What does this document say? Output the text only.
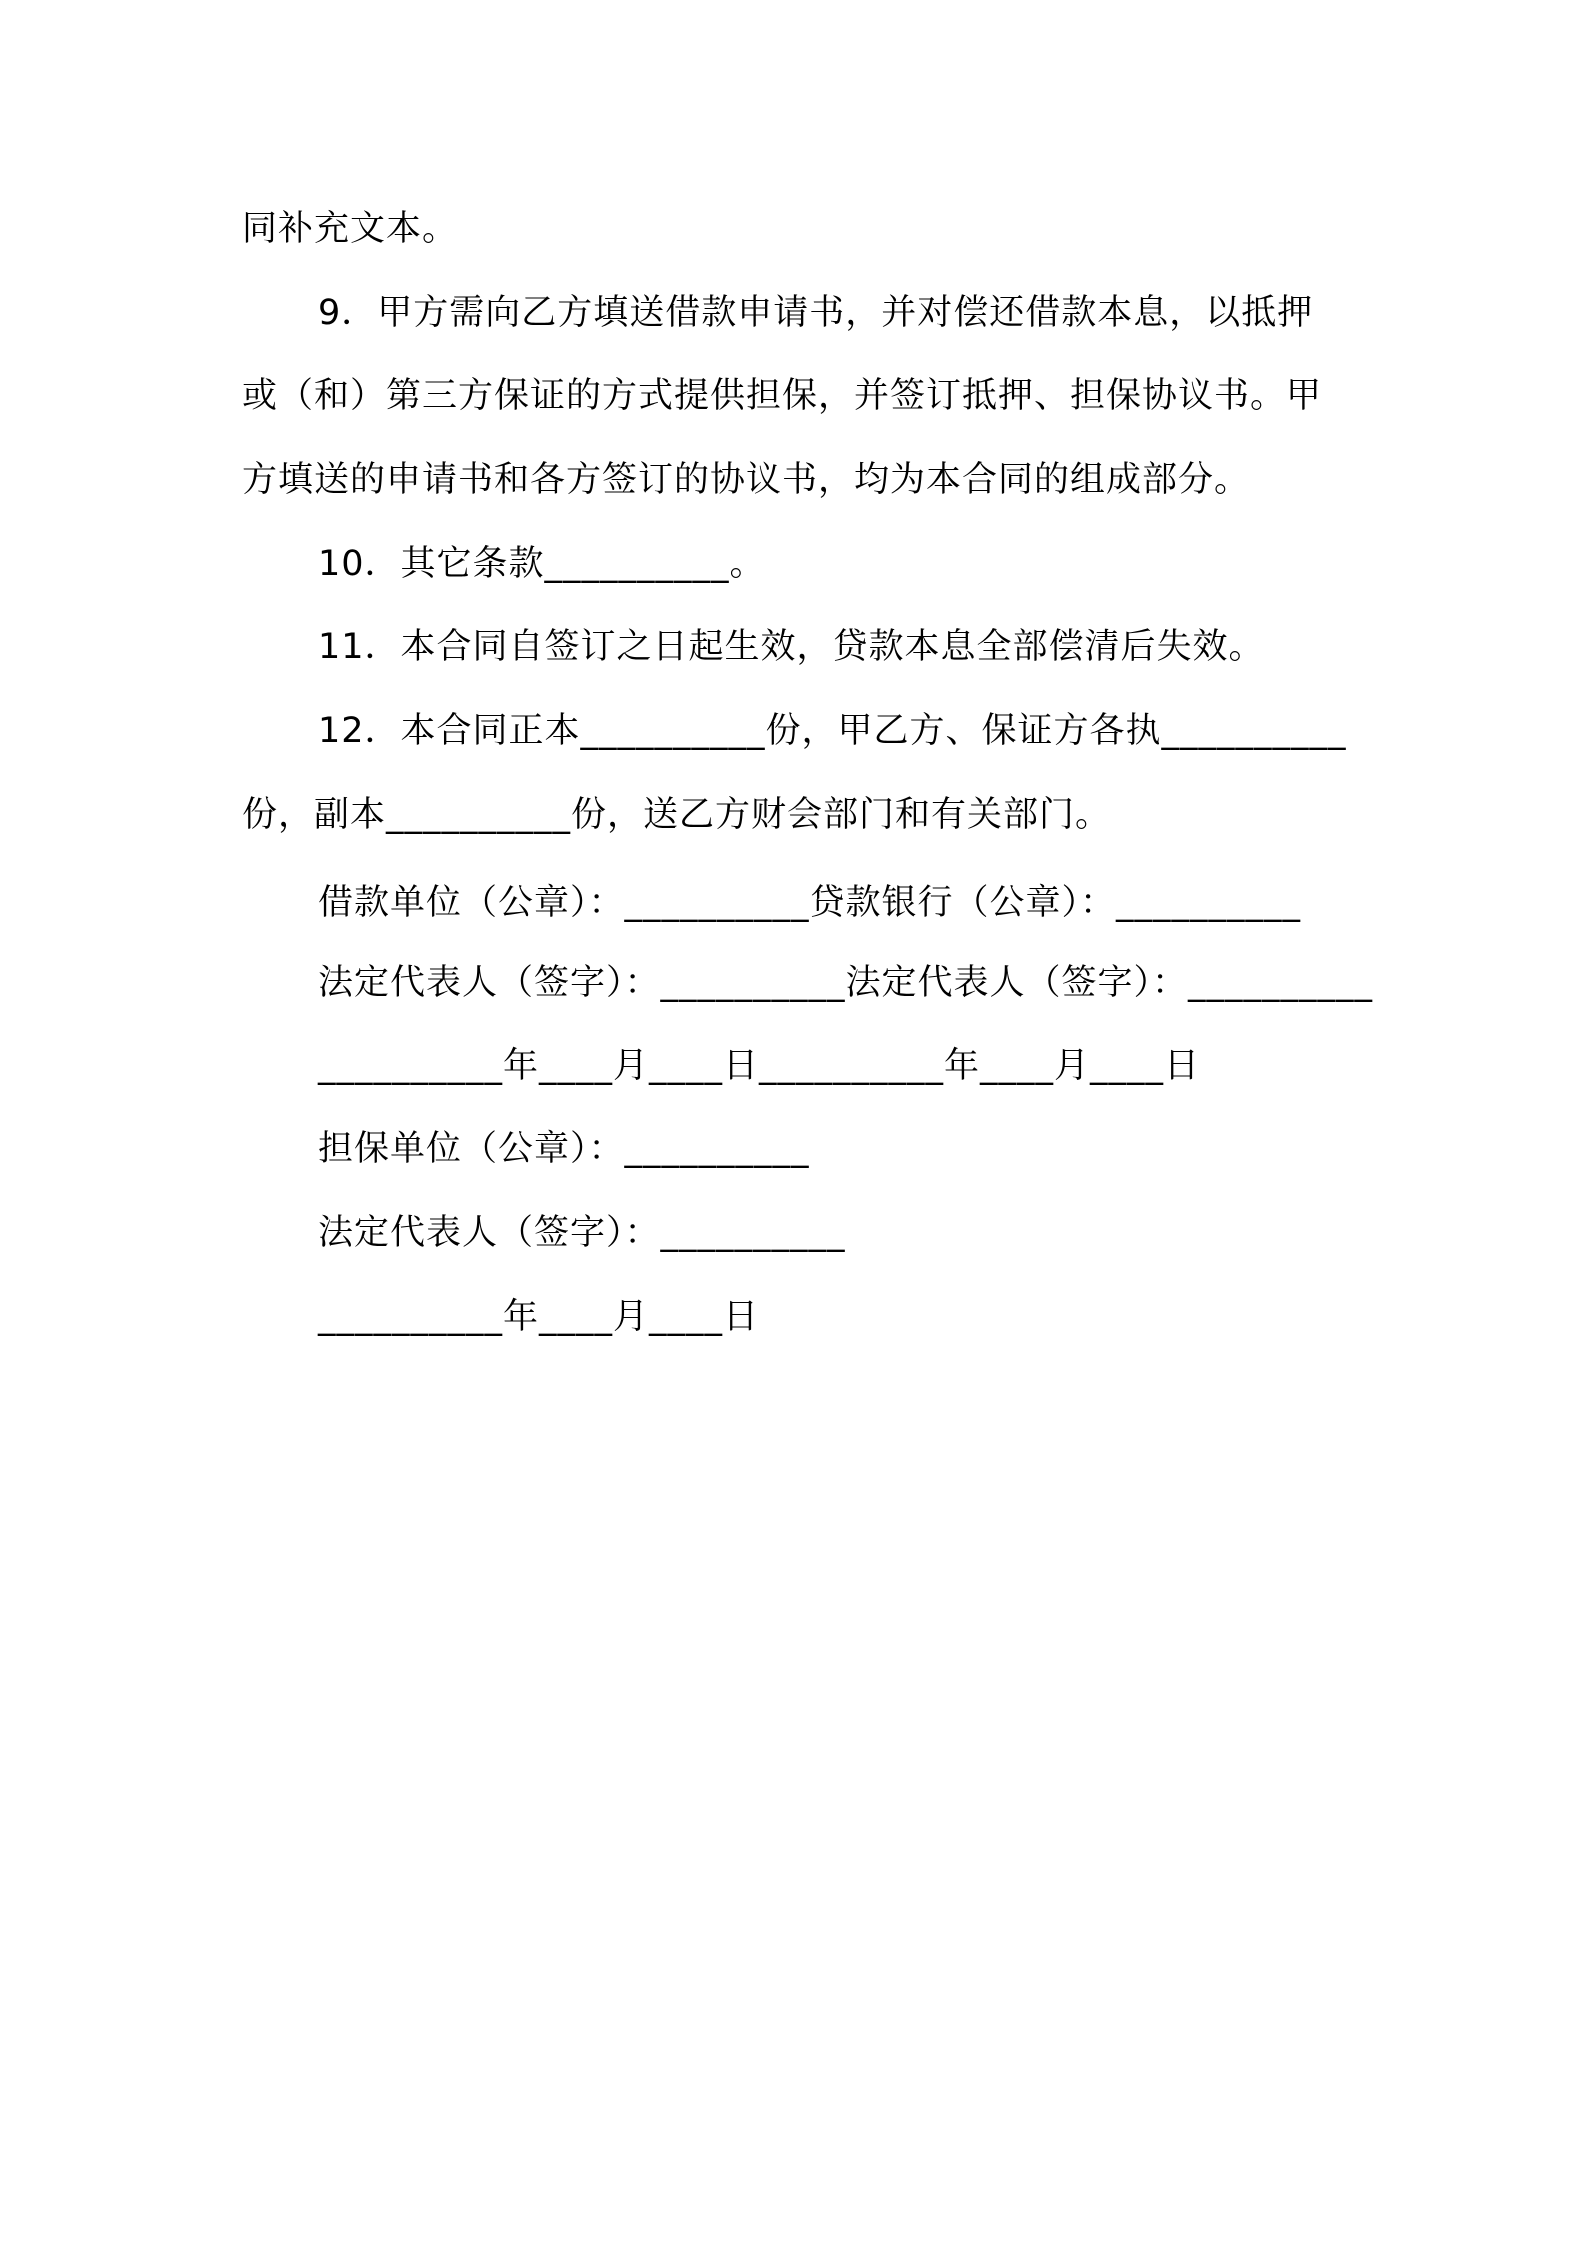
同补充文本。
9．甲方需向乙方填送借款申请书，并对偿还借款本息，以抵押
或（和）第三方保证的方式提供担保，并签订抵押、担保协议书。甲
方填送的申请书和各方签订的协议书，均为本合同的组成部分。
10．其它条款__________。
11．本合同自签订之日起生效，贷款本息全部偿清后失效。
12．本合同正本__________份，甲乙方、保证方各执__________
份，副本__________份，送乙方财会部门和有关部门。
借款单位（公章）：__________贷款银行（公章）：__________
法定代表人（签字）：__________法定代表人（签字）：__________
__________年____月____日__________年____月____日
担保单位（公章）：__________
法定代表人（签字）：__________
__________年____月____日
